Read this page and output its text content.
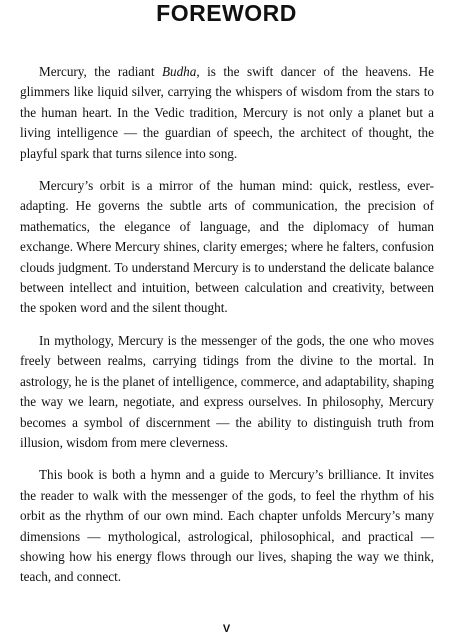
FOREWORD

Mercury, the radiant Budha, is the swift dancer of the heavens. He glimmers like liquid silver, carrying the whispers of wisdom from the stars to the human heart. In the Vedic tradition, Mercury is not only a planet but a living intelligence — the guardian of speech, the architect of thought, the playful spark that turns silence into song.

Mercury’s orbit is a mirror of the human mind: quick, restless, ever-adapting. He governs the subtle arts of communication, the precision of mathematics, the elegance of language, and the diplomacy of human exchange. Where Mercury shines, clarity emerges; where he falters, confusion clouds judgment. To understand Mercury is to understand the delicate balance between intellect and intuition, between calculation and creativity, between the spoken word and the silent thought.

In mythology, Mercury is the messenger of the gods, the one who moves freely between realms, carrying tidings from the divine to the mortal. In astrology, he is the planet of intelligence, commerce, and adaptability, shaping the way we learn, negotiate, and express ourselves. In philosophy, Mercury becomes a symbol of discernment — the ability to distinguish truth from illusion, wisdom from mere cleverness.

This book is both a hymn and a guide to Mercury’s brilliance. It invites the reader to walk with the messenger of the gods, to feel the rhythm of his orbit as the rhythm of our own mind. Each chapter unfolds Mercury’s many dimensions — mythological, astrological, philosophical, and practical — showing how his energy flows through our lives, shaping the way we think, teach, and connect.

V
